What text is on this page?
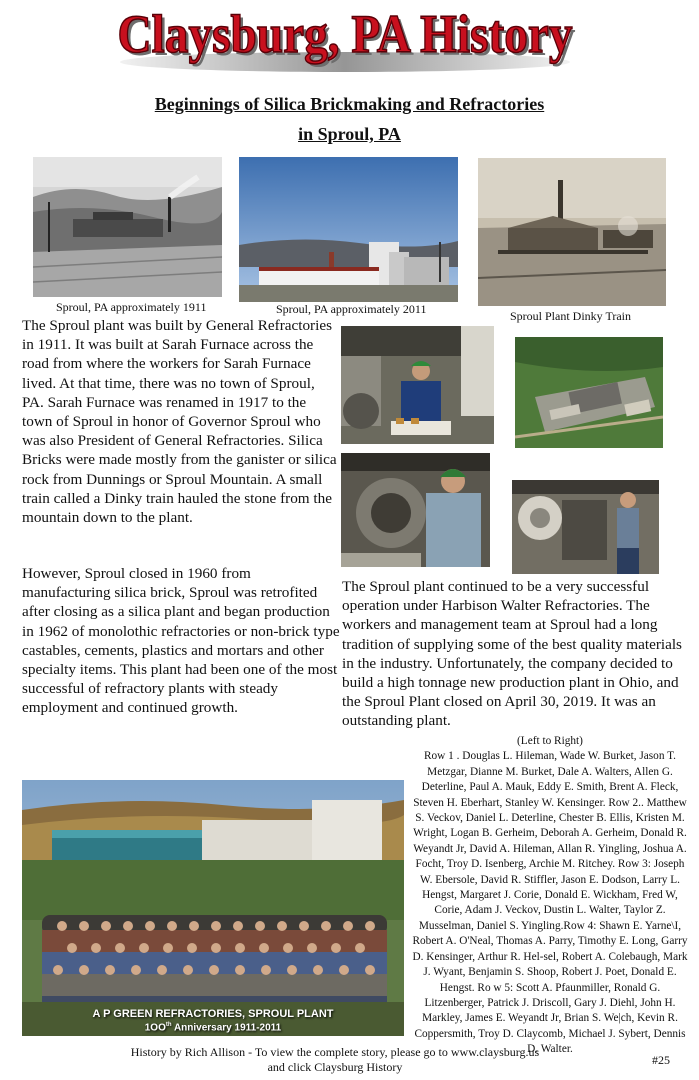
Claysburg, PA History
Claysburg, PA History
Beginnings of Silica Brickmaking and Refractories
in Sproul, PA
Sproul, PA approximately 1911	Sproul, PA approximately 2011	Sproul Plant Dinky Train

The Sproul plant was built by General Refractories in 1911. It was built at Sarah Furnace across the road from where the workers for Sarah Furnace lived. At that time, there was no town of Sproul, PA. Sarah Furnace was renamed in 1917 to the town of Sproul in honor of Governor Sproul who was also President of General Refractories. Silica Bricks were made mostly from the ganister or silica rock from Dunnings or Sproul Mountain. A small train called a Dinky train hauled the stone from the mountain down to the plant.

However, Sproul closed in 1960 from manufacturing silica brick, Sproul was retrofited after closing as a silica plant and began production in 1962 of monolothic refractories or non-brick type castables, cements, plastics and mortars and other specialty items. This plant had been one of the most successful of refractory plants with steady employment and continued growth.

The Sproul plant continued to be a very successful operation under Harbison Walter Refractories. The workers and management team at Sproul had a long tradition of supplying some of the best quality materials in the industry. Unfortunately, the company decided to build a high tonnage new production plant in Ohio, and the Sproul Plant closed on April 30, 2019. It was an outstanding plant.

A P GREEN REFRACTORIES, SPROUL PLANT
$1OO^{th}$ Anniversary 1911-2011
(Left to Right)
Row 1 . Douglas L. Hileman, Wade W. Burket, Jason T. Metzgar, Dianne M. Burket, Dale A. Walters, Allen G. Deterline, Paul A. Mauk, Eddy E. Smith, Brent A. Fleck, Steven H. Eberhart, Stanley W. Kensinger. Row 2.. Matthew S. Veckov, Daniel L. Deterline, Chester B. Ellis, Kristen M. Wright, Logan B. Gerheim, Deborah A. Gerheim, Donald R. Weyandt Jr, David A. Hileman, Allan R. Yingling, Joshua A. Focht, Troy D. Isenberg, Archie M. Ritchey. Row 3: Joseph W. Ebersole, David R. Stiffler, Jason E. Dodson, Larry L. Hengst, Margaret J. Corie, Donald E. Wickham, Fred W, Corie, Adam J. Veckov, Dustin L. Walter, Taylor Z. Musselman, Daniel S. Yingling.Row 4: Shawn E. Yarne\I, Robert A. O'Neal, Thomas A. Parry, Timothy E. Long, Garry D. Kensinger, Arthur R. Hel-sel, Robert A. Colebaugh, Mark J. Wyant, Benjamin S. Shoop, Robert J. Poet, Donald E. Hengst. Ro w 5: Scott A. Pfaunmiller, Ronald G. Litzenberger, Patrick J. Driscoll, Gary J. Diehl, John H. Markley, James E. Weyandt Jr, Brian S. We|ch, Kevin R. Coppersmith, Troy D. Claycomb, Michael J. Sybert, Dennis D. Walter.
History by Rich Allison - To view the complete story, please go to www.claysburg.us
and click Claysburg History	#25
